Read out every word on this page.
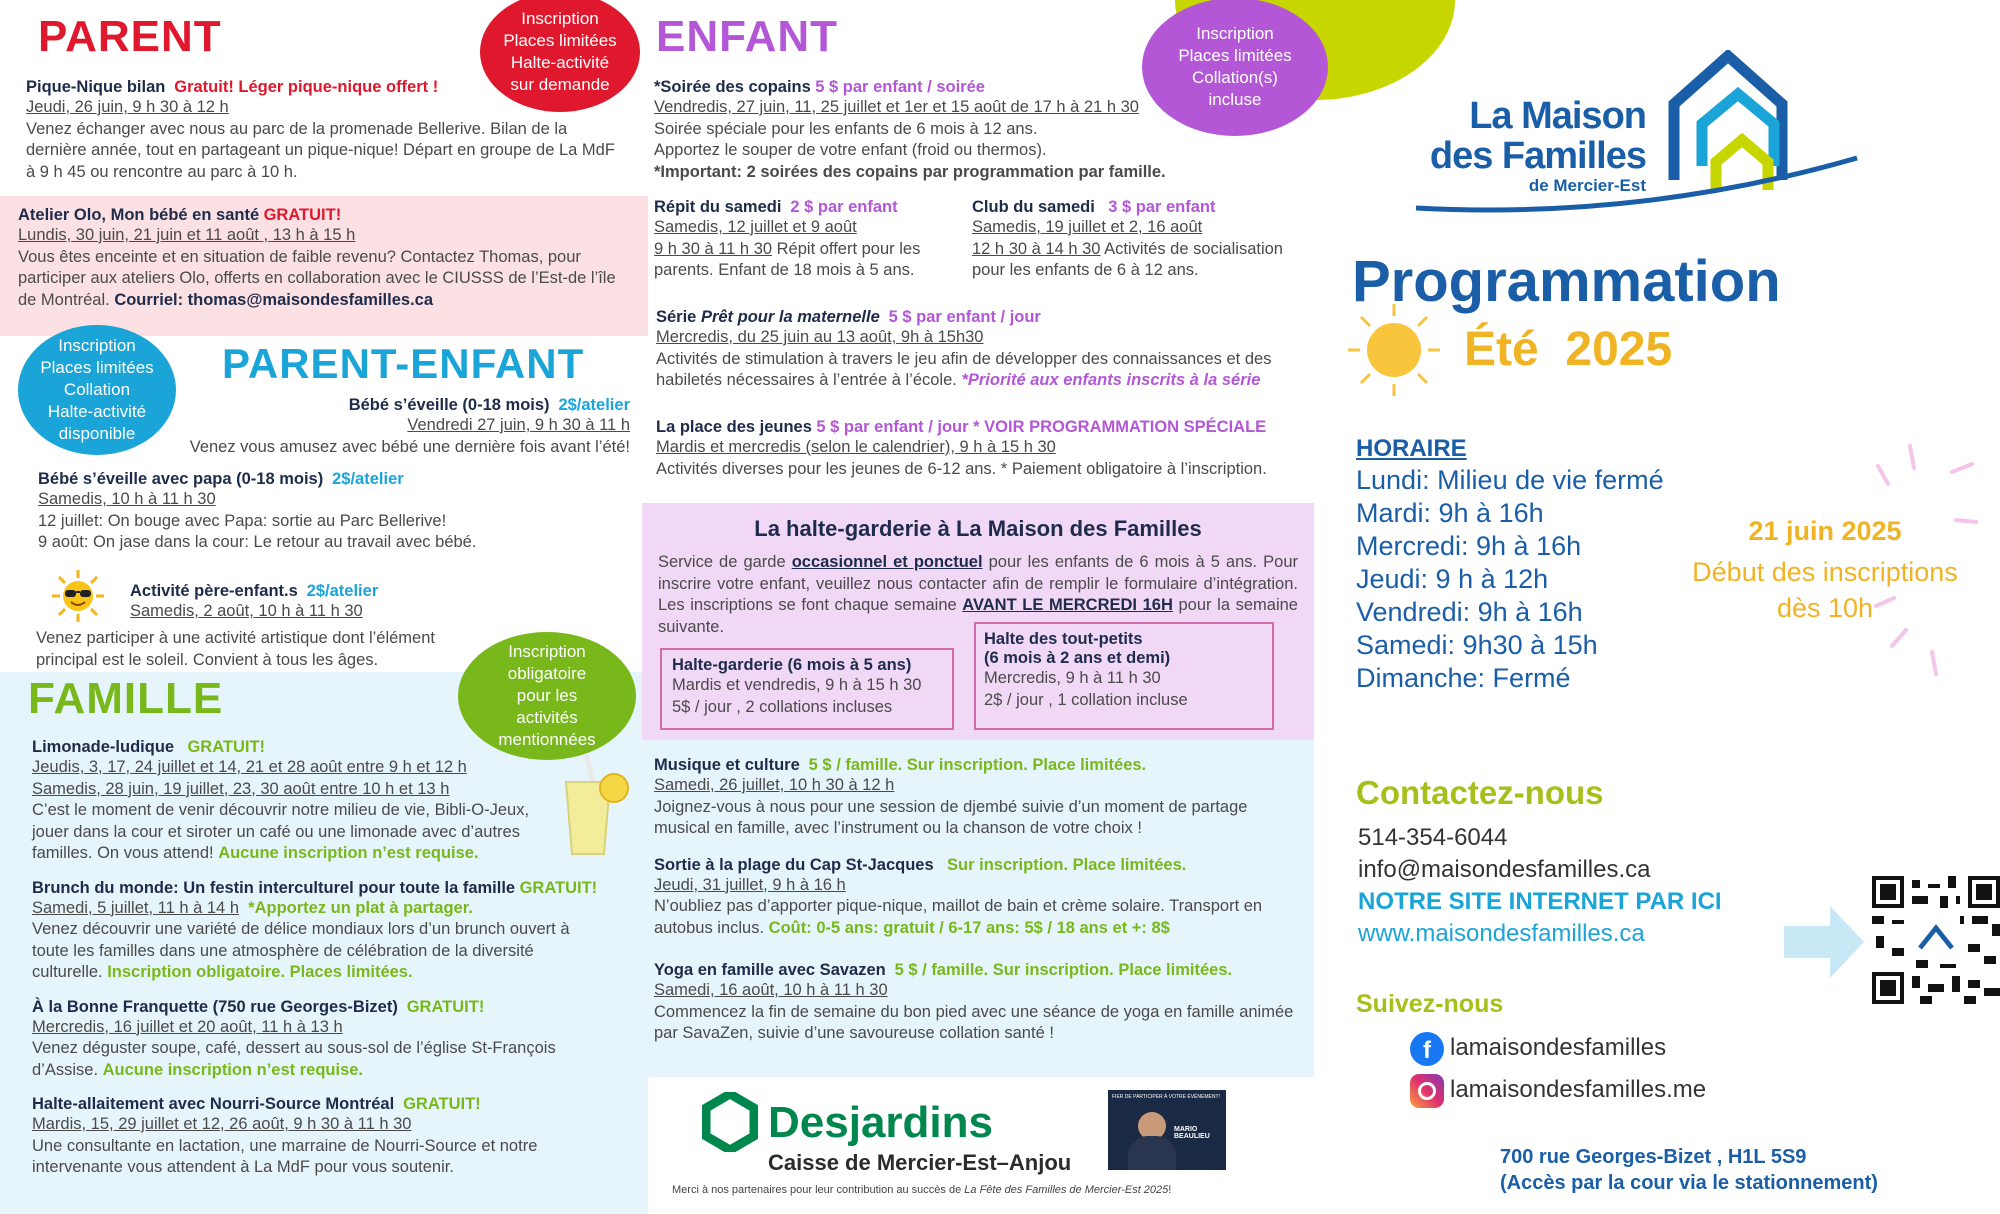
PARENT	Inscription
Places limitées
Halte-activité
sur demande
Pique-Nique bilan Gratuit! Léger pique-nique offert !
Jeudi, 26 juin, 9 h 30 à 12 h
Venez échanger avec nous au parc de la promenade Bellerive. Bilan de la dernière année, tout en partageant un pique-nique! Départ en groupe de La MdF à 9 h 45 ou rencontre au parc à 10 h.
Atelier Olo, Mon bébé en santé GRATUIT!
Lundis, 30 juin, 21 juin et 11 août , 13 h à 15 h
Vous êtes enceinte et en situation de faible revenu? Contactez Thomas, pour participer aux ateliers Olo, offerts en collaboration avec le CIUSSS de l’Est-de l’île de Montréal. Courriel: thomas@maisondesfamilles.ca
Inscription
Places limitées
Collation
Halte-activité
disponible
PARENT-ENFANT
Bébé s’éveille (0-18 mois) 2$/atelier
Vendredi 27 juin, 9 h 30 à 11 h
Venez vous amusez avec bébé une dernière fois avant l’été!
Bébé s’éveille avec papa (0-18 mois) 2$/atelier
Samedis, 10 h à 11 h 30
12 juillet: On bouge avec Papa: sortie au Parc Bellerive!
9 août: On jase dans la cour: Le retour au travail avec bébé.
Activité père-enfant.s 2$/atelier
Samedis, 2 août, 10 h à 11 h 30
Venez participer à une activité artistique dont l’élément principal est le soleil. Convient à tous les âges.	Inscription
obligatoire
pour les
activités
mentionnées
FAMILLE
Limonade-ludique GRATUIT!
Jeudis, 3, 17, 24 juillet et 14, 21 et 28 août entre 9 h et 12 h
Samedis, 28 juin, 19 juillet, 23, 30 août entre 10 h et 13 h
C’est le moment de venir découvrir notre milieu de vie, Bibli-O-Jeux, jouer dans la cour et siroter un café ou une limonade avec d’autres familles. On vous attend! Aucune inscription n’est requise.
Brunch du monde: Un festin interculturel pour toute la famille GRATUIT!
Samedi, 5 juillet, 11 h à 14 h *Apportez un plat à partager.
Venez découvrir une variété de délice mondiaux lors d’un brunch ouvert à toute les familles dans une atmosphère de célébration de la diversité culturelle. Inscription obligatoire. Places limitées.
À la Bonne Franquette (750 rue Georges-Bizet) GRATUIT!
Mercredis, 16 juillet et 20 août, 11 h à 13 h
Venez déguster soupe, café, dessert au sous-sol de l’église St-François d’Assise. Aucune inscription n’est requise.
Halte-allaitement avec Nourri-Source Montréal GRATUIT!
Mardis, 15, 29 juillet et 12, 26 août, 9 h 30 à 11 h 30
Une consultante en lactation, une marraine de Nourri-Source et notre intervenante vous attendent à La MdF pour vous soutenir.
ENFANT	Inscription
Places limitées
Collation(s)
incluse
*Soirée des copains 5 $ par enfant / soirée
Vendredis, 27 juin, 11, 25 juillet et 1er et 15 août de 17 h à 21 h 30
Soirée spéciale pour les enfants de 6 mois à 12 ans.
Apportez le souper de votre enfant (froid ou thermos).
*Important: 2 soirées des copains par programmation par famille.
Répit du samedi 2 $ par enfant
Samedis, 12 juillet et 9 août
9 h 30 à 11 h 30 Répit offert pour les parents. Enfant de 18 mois à 5 ans.
Club du samedi 3 $ par enfant
Samedis, 19 juillet et 2, 16 août
12 h 30 à 14 h 30 Activités de socialisation pour les enfants de 6 à 12 ans.
Série Prêt pour la maternelle 5 $ par enfant / jour
Mercredis, du 25 juin au 13 août, 9h à 15h30
Activités de stimulation à travers le jeu afin de développer des connaissances et des habiletés nécessaires à l’entrée à l’école. *Priorité aux enfants inscrits à la série
La place des jeunes 5 $ par enfant / jour * VOIR PROGRAMMATION SPÉCIALE
Mardis et mercredis (selon le calendrier), 9 h à 15 h 30
Activités diverses pour les jeunes de 6-12 ans. * Paiement obligatoire à l’inscription.
La halte-garderie à La Maison des Familles
Service de garde occasionnel et ponctuel pour les enfants de 6 mois à 5 ans. Pour inscrire votre enfant, veuillez nous contacter afin de remplir le formulaire d’intégration. Les inscriptions se font chaque semaine AVANT LE MERCREDI 16H pour la semaine suivante.
Halte-garderie (6 mois à 5 ans)
Mardis et vendredis, 9 h à 15 h 30
5$ / jour , 2 collations incluses
Halte des tout-petits
(6 mois à 2 ans et demi)
Mercredis, 9 h à 11 h 30
2$ / jour , 1 collation incluse
Musique et culture 5 $ / famille. Sur inscription. Place limitées.
Samedi, 26 juillet, 10 h 30 à 12 h
Joignez-vous à nous pour une session de djembé suivie d’un moment de partage musical en famille, avec l’instrument ou la chanson de votre choix !
Sortie à la plage du Cap St-Jacques Sur inscription. Place limitées.
Jeudi, 31 juillet, 9 h à 16 h
N’oubliez pas d’apporter pique-nique, maillot de bain et crème solaire. Transport en autobus inclus. Coût: 0-5 ans: gratuit / 6-17 ans: 5$ / 18 ans et +: 8$
Yoga en famille avec Savazen 5 $ / famille. Sur inscription. Place limitées.
Samedi, 16 août, 10 h à 11 h 30
Commencez la fin de semaine du bon pied avec une séance de yoga en famille animée par SavaZen, suivie d’une savoureuse collation santé !
Desjardins
Caisse de Mercier-Est–Anjou
FIER DE PARTICIPER À VOTRE ÉVÉNEMENT!
MARIO BEAULIEU
Merci à nos partenaires pour leur contribution au succès de La Fête des Familles de Mercier-Est 2025!
La Maison
des Familles
de Mercier-Est
Programmation
Été  2025
HORAIRE
Lundi: Milieu de vie fermé
Mardi: 9h à 16h
Mercredi: 9h à 16h
Jeudi: 9 h à 12h
Vendredi: 9h à 16h
Samedi: 9h30 à 15h
Dimanche: Fermé
21 juin 2025
Début des inscriptions
dès 10h
Contactez-nous
514-354-6044
info@maisondesfamilles.ca
NOTRE SITE INTERNET PAR ICI
www.maisondesfamilles.ca
Suivez-nous
f lamaisondesfamilles
lamaisondesfamilles.me
700 rue Georges-Bizet , H1L 5S9
(Accès par la cour via le stationnement)
